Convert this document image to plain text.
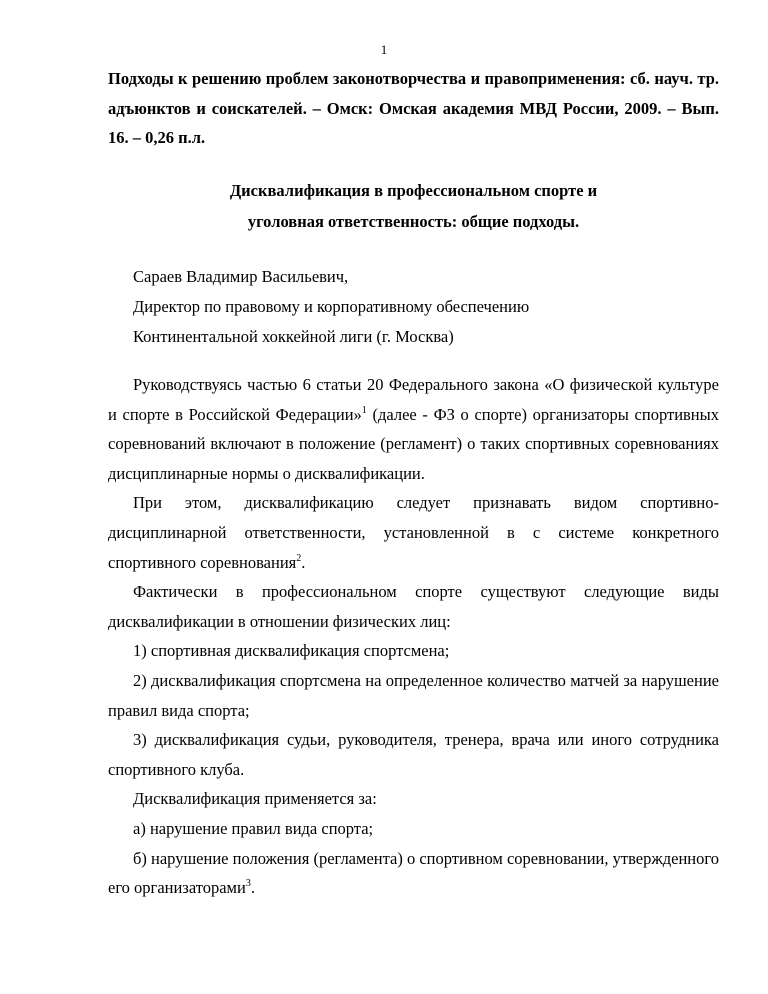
1

Подходы к решению проблем законотворчества и правоприменения: сб. науч. тр. адъюнктов и соискателей. – Омск: Омская академия МВД России, 2009. – Вып. 16. – 0,26 п.л.

Дисквалификация в профессиональном спорте и
уголовная ответственность: общие подходы.
Сараев Владимир Васильевич,
Директор по правовому и корпоративному обеспечению
Континентальной хоккейной лиги (г. Москва)

Руководствуясь частью 6 статьи 20 Федерального закона «О физической культуре и спорте в Российской Федерации»$^1$ (далее - ФЗ о спорте) организаторы спортивных соревнований включают в положение (регламент) о таких спортивных соревнованиях дисциплинарные нормы о дисквалификации.

При этом, дисквалификацию следует признавать видом спортивно-дисциплинарной ответственности, установленной в с системе конкретного спортивного соревнования$^2$.

Фактически в профессиональном спорте существуют следующие виды дисквалификации в отношении физических лиц:

1) спортивная дисквалификация спортсмена;

2) дисквалификация спортсмена на определенное количество матчей за нарушение правил вида спорта;

3) дисквалификация судьи, руководителя, тренера, врача или иного сотрудника спортивного клуба.

Дисквалификация применяется за:

а) нарушение правил вида спорта;

б) нарушение положения (регламента) о спортивном соревновании, утвержденного его организаторами$^3$.
